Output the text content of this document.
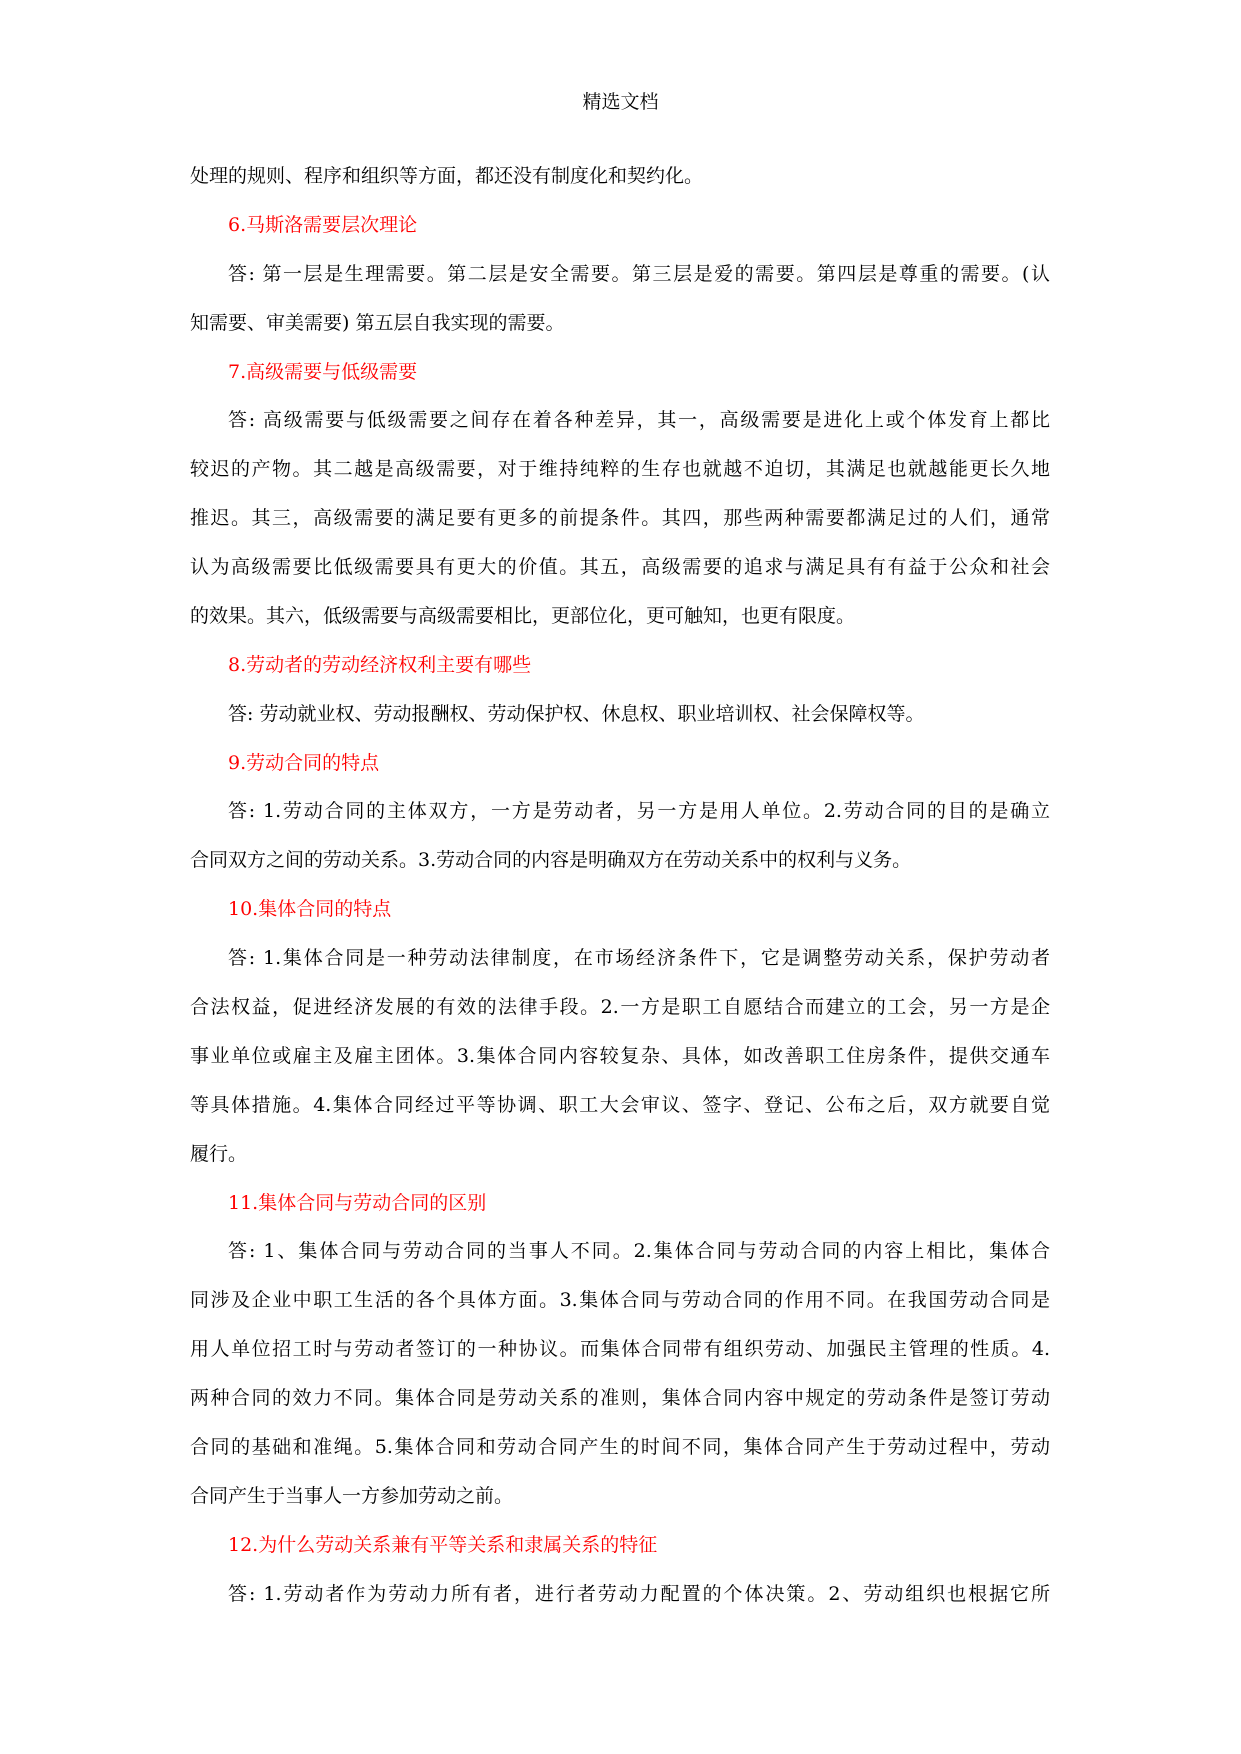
精选文档
处理的规则、程序和组织等方面，都还没有制度化和契约化。
6.马斯洛需要层次理论
答: 第一层是生理需要。第二层是安全需要。第三层是爱的需要。第四层是尊重的需要。(认
知需要、审美需要) 第五层自我实现的需要。
7.高级需要与低级需要
答: 高级需要与低级需要之间存在着各种差异，其一，高级需要是进化上或个体发育上都比
较迟的产物。其二越是高级需要，对于维持纯粹的生存也就越不迫切，其满足也就越能更长久地
推迟。其三，高级需要的满足要有更多的前提条件。其四，那些两种需要都满足过的人们，通常
认为高级需要比低级需要具有更大的价值。其五，高级需要的追求与满足具有有益于公众和社会
的效果。其六，低级需要与高级需要相比，更部位化，更可触知，也更有限度。
8.劳动者的劳动经济权利主要有哪些
答: 劳动就业权、劳动报酬权、劳动保护权、休息权、职业培训权、社会保障权等。
9.劳动合同的特点
答: 1.劳动合同的主体双方，一方是劳动者，另一方是用人单位。2.劳动合同的目的是确立
合同双方之间的劳动关系。3.劳动合同的内容是明确双方在劳动关系中的权利与义务。
10.集体合同的特点
答: 1.集体合同是一种劳动法律制度，在市场经济条件下，它是调整劳动关系，保护劳动者
合法权益，促进经济发展的有效的法律手段。2.一方是职工自愿结合而建立的工会，另一方是企
事业单位或雇主及雇主团体。3.集体合同内容较复杂、具体，如改善职工住房条件，提供交通车
等具体措施。4.集体合同经过平等协调、职工大会审议、签字、登记、公布之后，双方就要自觉
履行。
11.集体合同与劳动合同的区别
答: 1、集体合同与劳动合同的当事人不同。2.集体合同与劳动合同的内容上相比，集体合
同涉及企业中职工生活的各个具体方面。3.集体合同与劳动合同的作用不同。在我国劳动合同是
用人单位招工时与劳动者签订的一种协议。而集体合同带有组织劳动、加强民主管理的性质。4.
两种合同的效力不同。集体合同是劳动关系的准则，集体合同内容中规定的劳动条件是签订劳动
合同的基础和准绳。5.集体合同和劳动合同产生的时间不同，集体合同产生于劳动过程中，劳动
合同产生于当事人一方参加劳动之前。
12.为什么劳动关系兼有平等关系和隶属关系的特征
答: 1.劳动者作为劳动力所有者，进行者劳动力配置的个体决策。2、劳动组织也根据它所
